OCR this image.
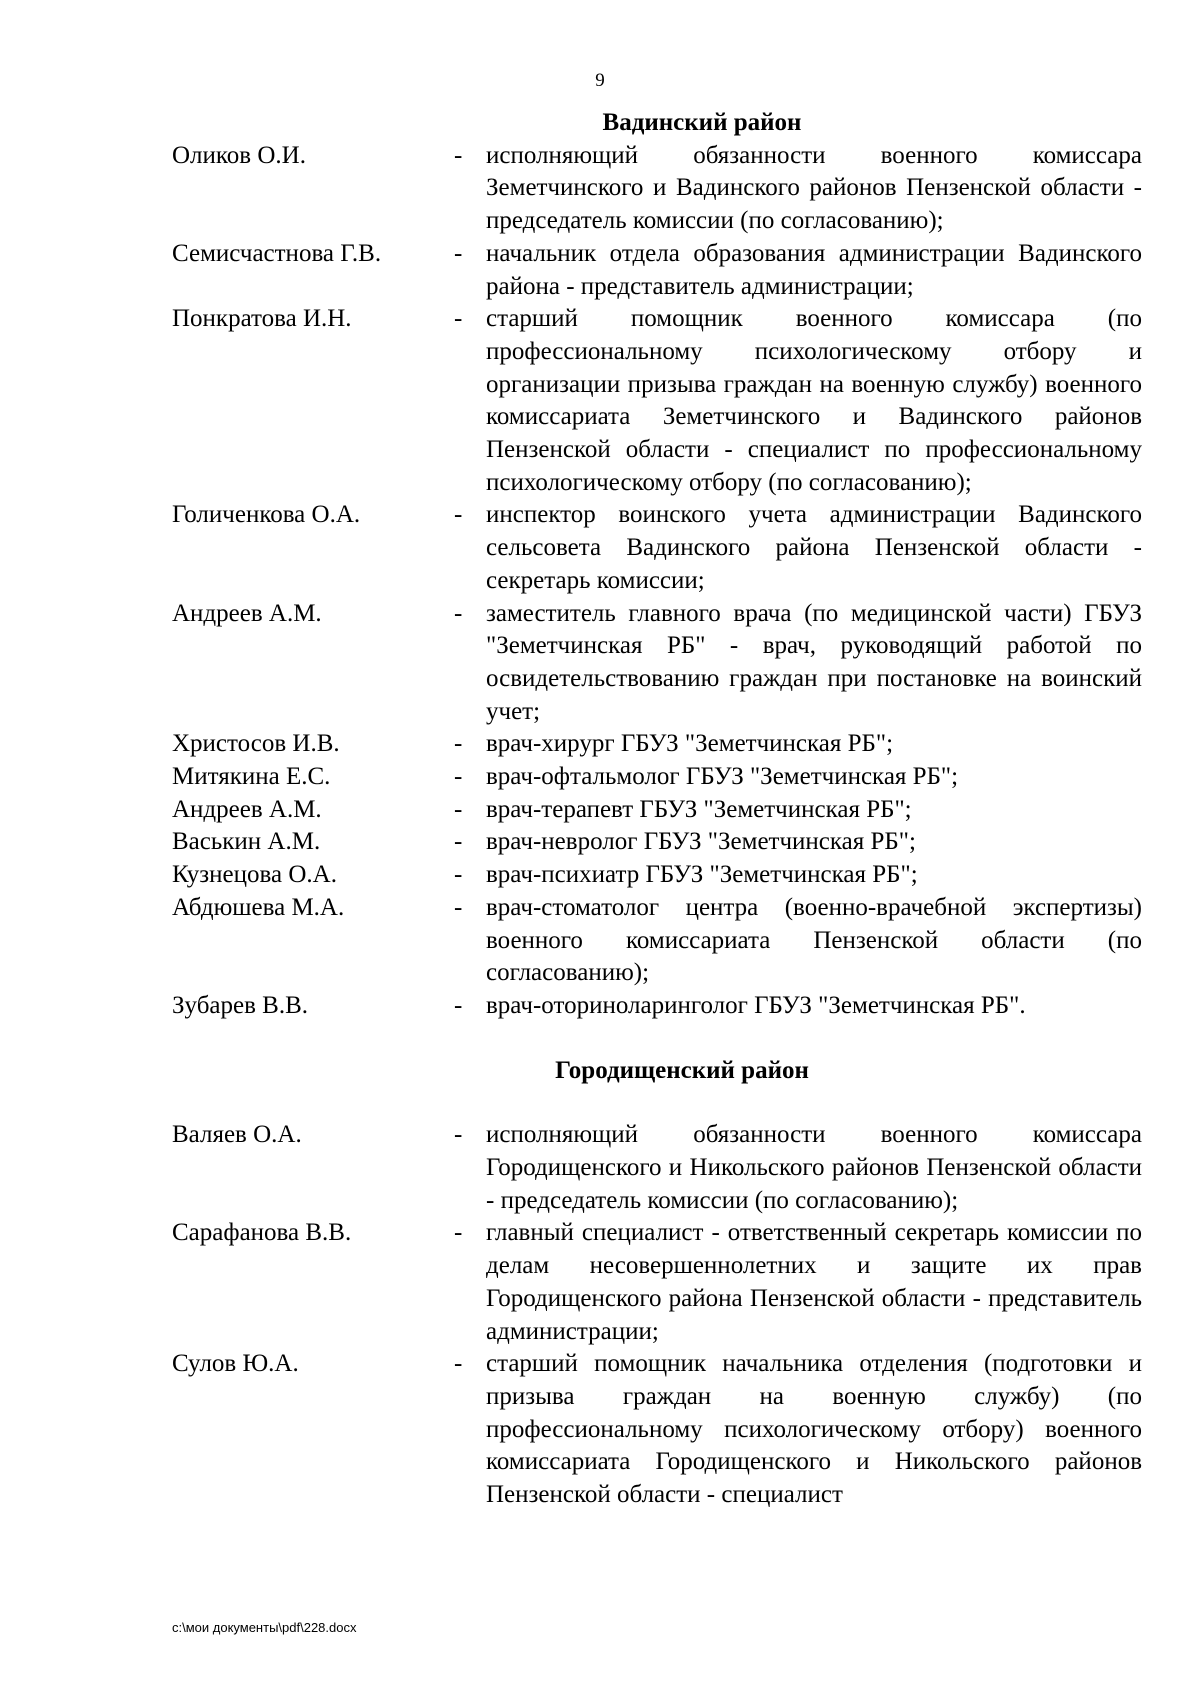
9
Вадинский район
Оликов О.И.	- исполняющий обязанности военного комиссара Земетчинского и Вадинского районов Пензенской области - председатель комиссии (по согласованию);
Семисчастнова Г.В.	- начальник отдела образования администрации Вадинского района - представитель администрации;
Понкратова И.Н.	- старший помощник военного комиссара (по профессиональному психологическому отбору и организации призыва граждан на военную службу) военного комиссариата Земетчинского и Вадинского районов Пензенской области - специалист по профессиональному психологическому отбору (по согласованию);
Голиченкова О.А.	- инспектор воинского учета администрации Вадинского сельсовета Вадинского района Пензенской области - секретарь комиссии;
Андреев А.М.	- заместитель главного врача (по медицинской части) ГБУЗ "Земетчинская РБ" - врач, руководящий работой по освидетельствованию граждан при постановке на воинский учет;
Христосов И.В.	- врач-хирург ГБУЗ "Земетчинская РБ";
Митякина Е.С.	- врач-офтальмолог ГБУЗ "Земетчинская РБ";
Андреев А.М.	- врач-терапевт ГБУЗ "Земетчинская РБ";
Васькин А.М.	- врач-невролог ГБУЗ "Земетчинская РБ";
Кузнецова О.А.	- врач-психиатр ГБУЗ "Земетчинская РБ";
Абдюшева М.А.	- врач-стоматолог центра (военно-врачебной экспертизы) военного комиссариата Пензенской области (по согласованию);
Зубарев В.В.	- врач-оториноларинголог ГБУЗ "Земетчинская РБ".
Городищенский район
Валяев О.А.	- исполняющий обязанности военного комиссара Городищенского и Никольского районов Пензенской области - председатель комиссии (по согласованию);
Сарафанова В.В.	- главный специалист - ответственный секретарь комиссии по делам несовершеннолетних и защите их прав Городищенского района Пензенской области - представитель администрации;
Сулов Ю.А.	- старший помощник начальника отделения (подготовки и призыва граждан на военную службу) (по профессиональному психологическому отбору) военного комиссариата Городищенского и Никольского районов Пензенской области - специалист
c:\мои документы\pdf\228.docx
